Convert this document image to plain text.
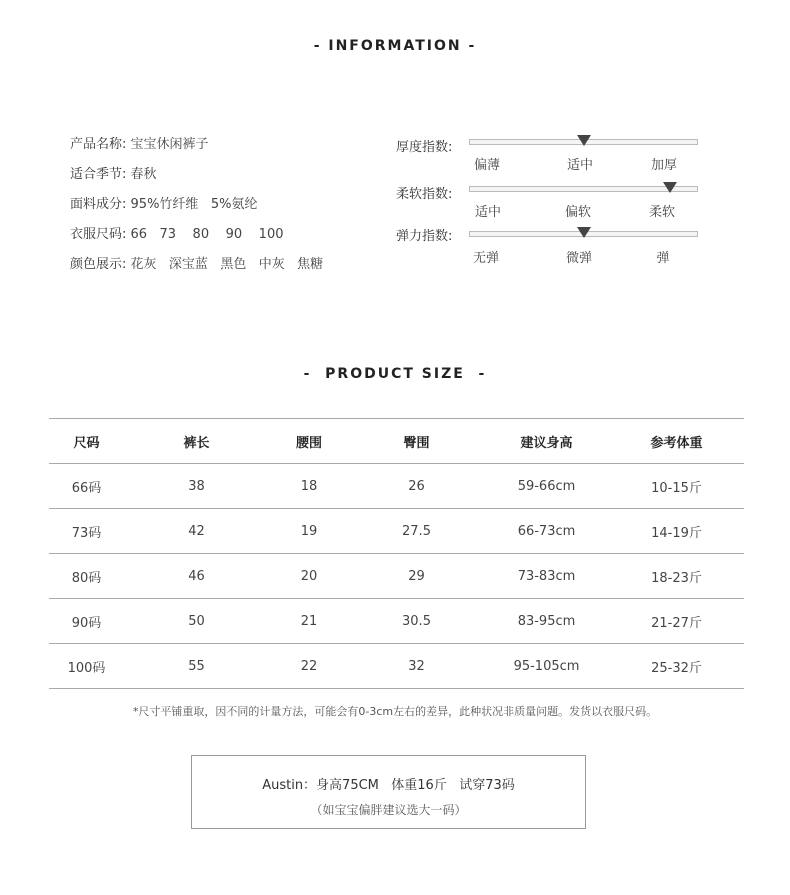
- INFORMATION -
产品名称: 宝宝休闲裤子
适合季节: 春秋
面料成分: 95%竹纤维   5%氨纶
衣服尺码: 66   73    80    90    100
颜色展示: 花灰   深宝蓝   黑色   中灰   焦糖
厚度指数:
偏薄	适中	加厚
柔软指数:
适中	偏软	柔软
弹力指数:
无弹	微弹	弹
-  PRODUCT SIZE  -
尺码	裤长	腰围	臀围	建议身高	参考体重
66码	38	18	26	59-66cm	10-15斤
73码	42	19	27.5	66-73cm	14-19斤
80码	46	20	29	73-83cm	18-23斤
90码	50	21	30.5	83-95cm	21-27斤
100码	55	22	32	95-105cm	25-32斤
*尺寸平铺重取，因不同的计量方法，可能会有0-3cm左右的差异，此种状况非质量问题。发货以衣服尺码。
Austin：身高75CM   体重16斤   试穿73码
（如宝宝偏胖建议选大一码）
